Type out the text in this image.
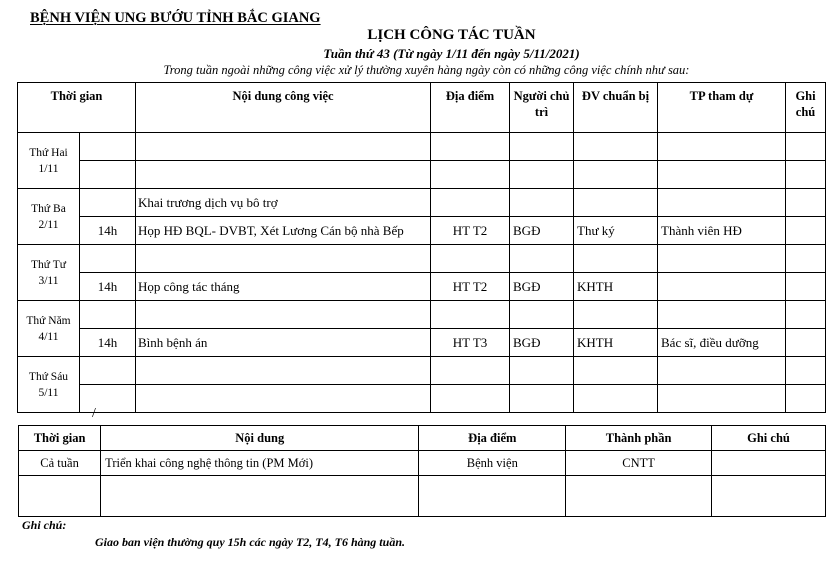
BỆNH VIỆN UNG BƯỚU TỈNH BẮC GIANG
LỊCH CÔNG TÁC TUẦN
Tuần thứ 43 (Từ ngày 1/11 đến ngày 5/11/2021)
Trong tuần ngoài những công việc xử lý thường xuyên hàng ngày còn có những công việc chính như sau:
Thời gian		Nội dung công việc	Địa điểm	Người chủ trì	ĐV chuẩn bị	TP tham dự	Ghi chú

Thứ Hai
1/11							

Thứ Ba
2/11		Khai trương dịch vụ bô trợ					
	14h	Họp HĐ BQL- DVBT, Xét Lương Cán bộ nhà Bếp	HT T2	BGĐ	Thư ký	Thành viên HĐ	

Thứ Tư
3/11							

	14h	Họp công tác tháng	HT T2	BGĐ	KHTH		

Thứ Năm
4/11							

	14h	Bình bệnh án	HT T3	BGĐ	KHTH	Bác sĩ, điều dưỡng	

Thứ Sáu
5/11							

/
Thời gian	Nội dung	Địa điểm	Thành phần	Ghi chú
Cả tuần	Triển khai công nghệ thông tin (PM Mới)	Bệnh viện	CNTT	

Ghi chú:
Giao ban viện thường quy 15h các ngày T2, T4, T6 hàng tuần.
